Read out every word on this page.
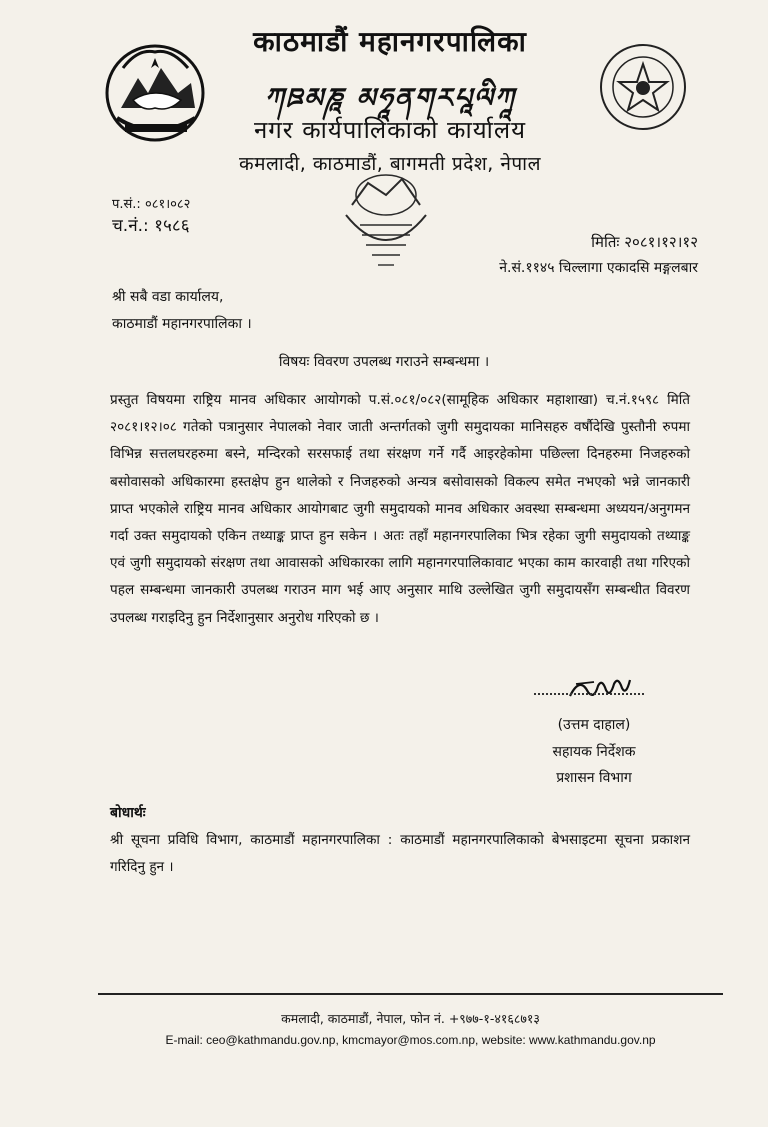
काठमाडौं महानगरपालिका
ཀཋམཎཱ མཧཱནགརཔཱལིཀཱ
नगर कार्यपालिकाको कार्यालय
कमलादी, काठमाडौं, बागमती प्रदेश, नेपाल
प.सं.: ०८१।०८२
च.नं.: १५८६
मितिः २०८१।१२।१२
ने.सं.११४५ चिल्लागा एकादसि मङ्गलबार
श्री सबै वडा कार्यालय,
काठमाडौं महानगरपालिका ।
विषयः विवरण उपलब्ध गराउने सम्बन्धमा ।
प्रस्तुत विषयमा राष्ट्रिय मानव अधिकार आयोगको प.सं.०८१/०८२(सामूहिक अधिकार महाशाखा) च.नं.१५९८ मिति २०८१।१२।०८ गतेको पत्रानुसार नेपालको नेवार जाती अन्तर्गतको जुगी समुदायका मानिसहरु वर्षौदेखि पुस्तौनी रुपमा विभिन्न सत्तलघरहरुमा बस्ने, मन्दिरको सरसफाई तथा संरक्षण गर्ने गर्दै आइरहेकोमा पछिल्ला दिनहरुमा निजहरुको बसोवासको अधिकारमा हस्तक्षेप हुन थालेको र निजहरुको अन्यत्र बसोवासको विकल्प समेत नभएको भन्ने जानकारी प्राप्त भएकोले राष्ट्रिय मानव अधिकार आयोगबाट जुगी समुदायको मानव अधिकार अवस्था सम्बन्धमा अध्ययन/अनुगमन गर्दा उक्त समुदायको एकिन तथ्याङ्क प्राप्त हुन सकेन । अतः तहाँ महानगरपालिका भित्र रहेका जुगी समुदायको तथ्याङ्क एवं जुगी समुदायको संरक्षण तथा आवासको अधिकारका लागि महानगरपालिकावाट भएका काम कारवाही तथा गरिएको पहल सम्बन्धमा जानकारी उपलब्ध गराउन माग भई आए अनुसार माथि उल्लेखित जुगी समुदायसँग सम्बन्धीत विवरण उपलब्ध गराइदिनु हुन निर्देशानुसार अनुरोध गरिएको छ ।
(उत्तम दाहाल)
सहायक निर्देशक
प्रशासन विभाग
बोधार्थः
श्री सूचना प्रविधि विभाग, काठमाडौं महानगरपालिका : काठमाडौं महानगरपालिकाको बेभसाइटमा सूचना प्रकाशन गरिदिनु हुन ।
कमलादी, काठमाडौं, नेपाल, फोन नं. +९७७-१-४१६८७१३
E-mail: ceo@kathmandu.gov.np, kmcmayor@mos.com.np, website: www.kathmandu.gov.np
